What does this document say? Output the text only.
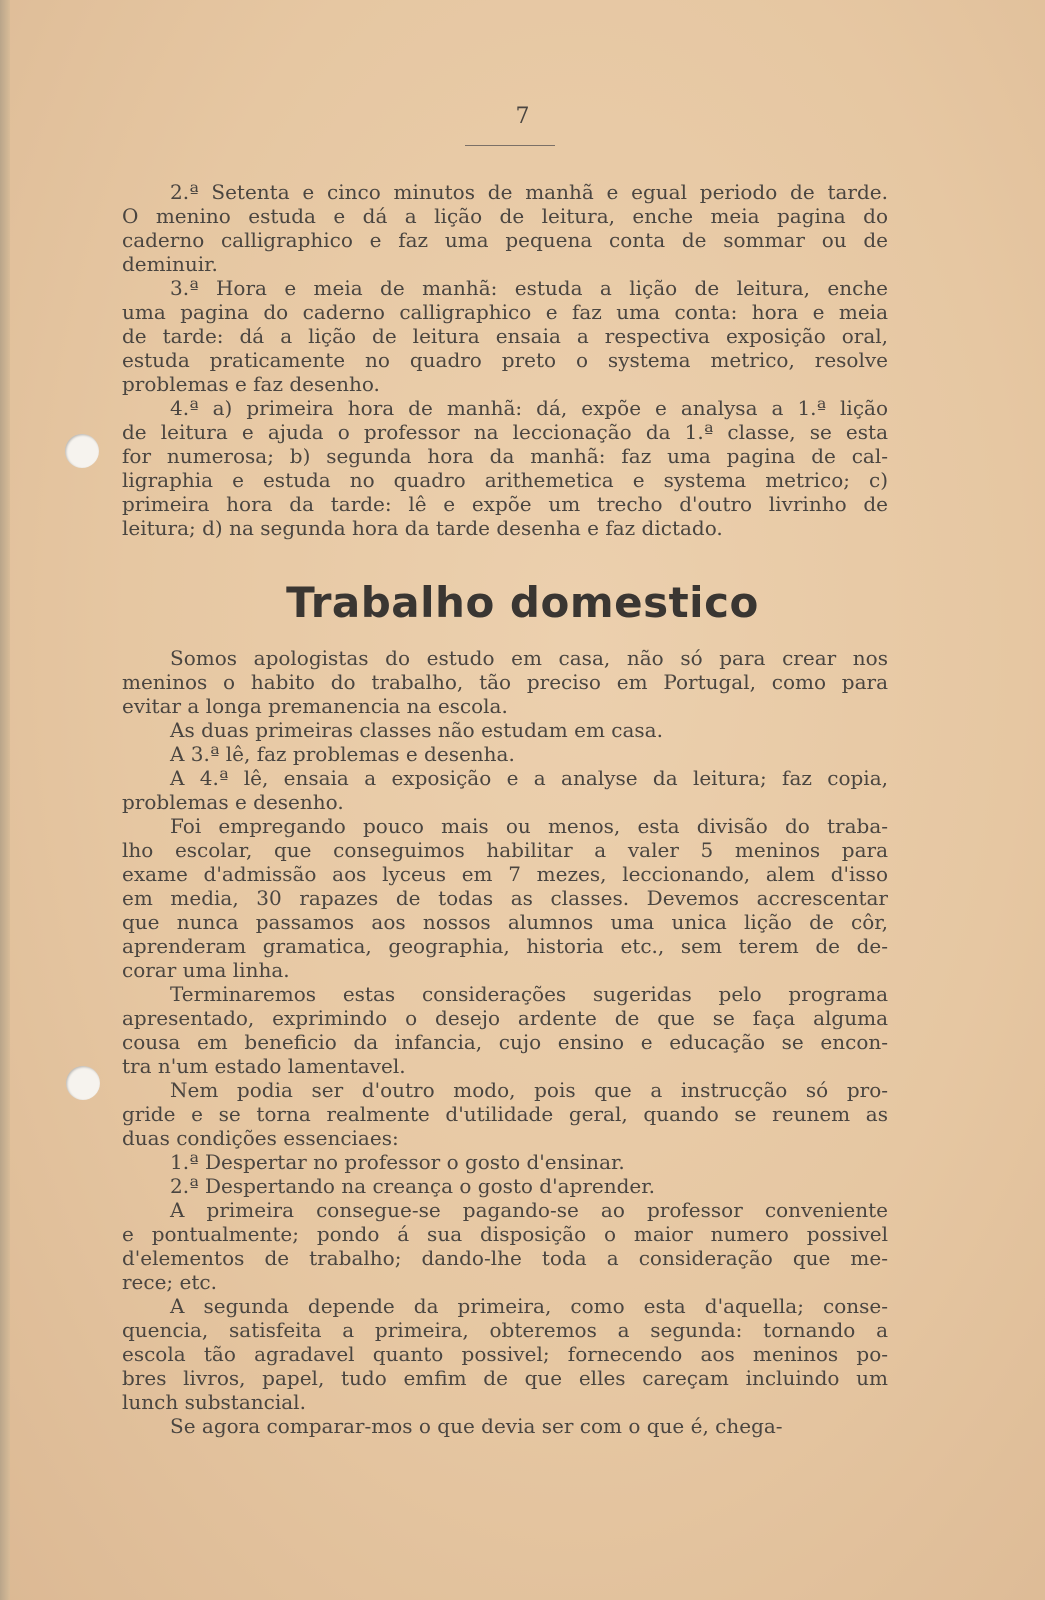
7
2.ª Setenta e cinco minutos de manhã e egual periodo de tarde.
O menino estuda e dá a lição de leitura, enche meia pagina do
caderno calligraphico e faz uma pequena conta de sommar ou de
deminuir.
3.ª Hora e meia de manhã: estuda a lição de leitura, enche
uma pagina do caderno calligraphico e faz uma conta: hora e meia
de tarde: dá a lição de leitura ensaia a respectiva exposição oral,
estuda praticamente no quadro preto o systema metrico, resolve
problemas e faz desenho.
4.ª a) primeira hora de manhã: dá, expõe e analysa a 1.ª lição
de leitura e ajuda o professor na leccionação da 1.ª classe, se esta
for numerosa; b) segunda hora da manhã: faz uma pagina de cal-
ligraphia e estuda no quadro arithemetica e systema metrico; c)
primeira hora da tarde: lê e expõe um trecho d'outro livrinho de
leitura; d) na segunda hora da tarde desenha e faz dictado.
Trabalho domestico
Somos apologistas do estudo em casa, não só para crear nos
meninos o habito do trabalho, tão preciso em Portugal, como para
evitar a longa premanencia na escola.
As duas primeiras classes não estudam em casa.
A 3.ª lê, faz problemas e desenha.
A 4.ª lê, ensaia a exposição e a analyse da leitura; faz copia,
problemas e desenho.
Foi empregando pouco mais ou menos, esta divisão do traba-
lho escolar, que conseguimos habilitar a valer 5 meninos para
exame d'admissão aos lyceus em 7 mezes, leccionando, alem d'isso
em media, 30 rapazes de todas as classes. Devemos accrescentar
que nunca passamos aos nossos alumnos uma unica lição de côr,
aprenderam gramatica, geographia, historia etc., sem terem de de-
corar uma linha.
Terminaremos estas considerações sugeridas pelo programa
apresentado, exprimindo o desejo ardente de que se faça alguma
cousa em beneficio da infancia, cujo ensino e educação se encon-
tra n'um estado lamentavel.
Nem podia ser d'outro modo, pois que a instrucção só pro-
gride e se torna realmente d'utilidade geral, quando se reunem as
duas condições essenciaes:
1.ª Despertar no professor o gosto d'ensinar.
2.ª Despertando na creança o gosto d'aprender.
A primeira consegue-se pagando-se ao professor conveniente
e pontualmente; pondo á sua disposição o maior numero possivel
d'elementos de trabalho; dando-lhe toda a consideração que me-
rece; etc.
A segunda depende da primeira, como esta d'aquella; conse-
quencia, satisfeita a primeira, obteremos a segunda: tornando a
escola tão agradavel quanto possivel; fornecendo aos meninos po-
bres livros, papel, tudo emfim de que elles careçam incluindo um
lunch substancial.
Se agora comparar-mos o que devia ser com o que é, chega-
